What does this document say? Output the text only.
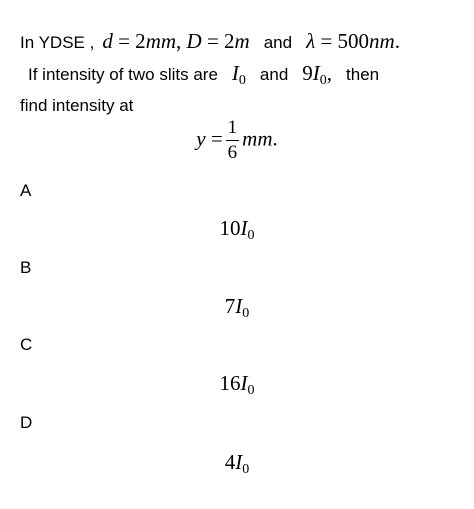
In YDSE , d = 2mm, D = 2m and λ = 500nm.
If intensity of two slits are $I_0$ and $9I_0$, then
find intensity at
$y = \frac{1}{6}$ mm.
A
$10I_0$
B
$7I_0$
C
$16I_0$
D
$4I_0$
